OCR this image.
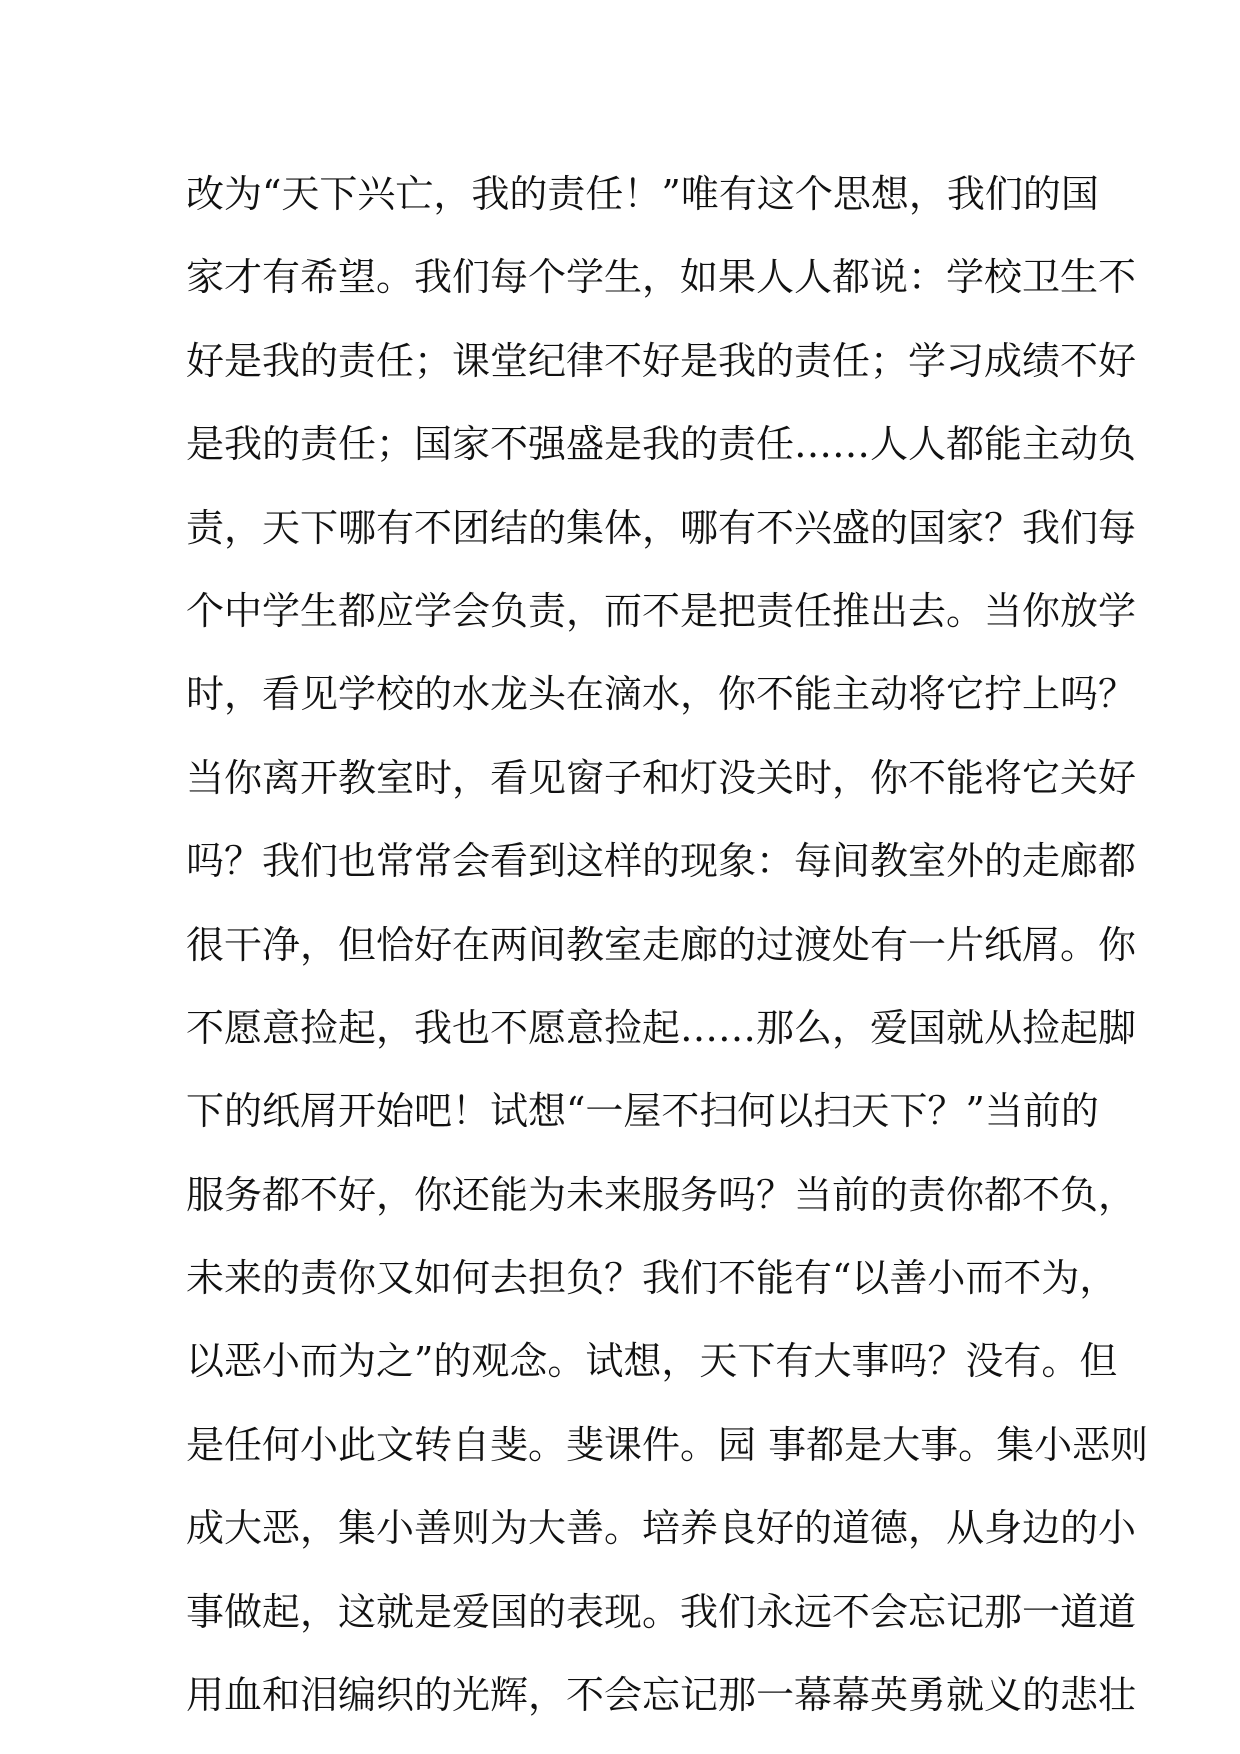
改为“天下兴亡，我的责任！”唯有这个思想，我们的国
家才有希望。我们每个学生，如果人人都说：学校卫生不
好是我的责任；课堂纪律不好是我的责任；学习成绩不好
是我的责任；国家不强盛是我的责任……人人都能主动负
责，天下哪有不团结的集体，哪有不兴盛的国家？我们每
个中学生都应学会负责，而不是把责任推出去。当你放学
时，看见学校的水龙头在滴水，你不能主动将它拧上吗？
当你离开教室时，看见窗子和灯没关时，你不能将它关好
吗？我们也常常会看到这样的现象：每间教室外的走廊都
很干净，但恰好在两间教室走廊的过渡处有一片纸屑。你
不愿意捡起，我也不愿意捡起……那么，爱国就从捡起脚
下的纸屑开始吧！试想“一屋不扫何以扫天下？”当前的
服务都不好，你还能为未来服务吗？当前的责你都不负，
未来的责你又如何去担负？我们不能有“以善小而不为，
以恶小而为之”的观念。试想，天下有大事吗？没有。但
是任何小此文转自斐。斐课件。园 事都是大事。集小恶则
成大恶，集小善则为大善。培养良好的道德，从身边的小
事做起，这就是爱国的表现。我们永远不会忘记那一道道
用血和泪编织的光辉，不会忘记那一幕幕英勇就义的悲壮
